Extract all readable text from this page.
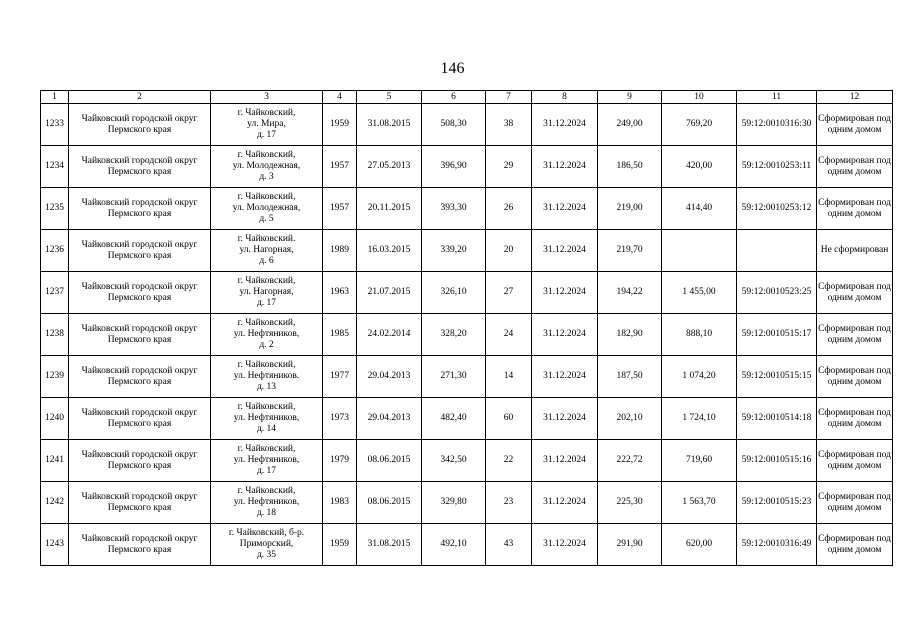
146
1	2	3	4	5	6	7	8	9	10	11	12
1233	Чайковский городской округ Пермского края	г. Чайковский,
ул. Мира,
д. 17	1959	31.08.2015	508,30	38	31.12.2024	249,00	769,20	59:12:0010316:30	Сформирован под одним домом
1234	Чайковский городской округ Пермского края	г. Чайковский,
ул. Молодежная,
д. 3	1957	27.05.2013	396,90	29	31.12.2024	186,50	420,00	59:12:0010253:11	Сформирован под одним домом
1235	Чайковский городской округ Пермского края	г. Чайковский,
ул. Молодежная,
д. 5	1957	20.11.2015	393,30	26	31.12.2024	219,00	414,40	59:12:0010253:12	Сформирован под одним домом
1236	Чайковский городской округ Пермского края	г. Чайковский.
ул. Нагорная,
д. 6	1989	16.03.2015	339,20	20	31.12.2024	219,70			Не сформирован
1237	Чайковский городской округ Пермского края	г. Чайковский,
ул. Нагорная,
д. 17	1963	21.07.2015	326,10	27	31.12.2024	194,22	1 455,00	59:12:0010523:25	Сформирован под одним домом
1238	Чайковский городской округ Пермского края	г. Чайковский,
ул. Нефтяников,
д. 2	1985	24.02.2014	328,20	24	31.12.2024	182,90	888,10	59:12:0010515:17	Сформирован под одним домом
1239	Чайковский городской округ Пермского края	г. Чайковский,
ул. Нефтяников.
д. 13	1977	29.04.2013	271,30	14	31.12.2024	187,50	1 074,20	59:12:0010515:15	Сформирован под одним домом
1240	Чайковский городской округ Пермского края	г. Чайковский,
ул. Нефтяников,
д. 14	1973	29.04.2013	482,40	60	31.12.2024	202,10	1 724,10	59:12:0010514:18	Сформирован под одним домом
1241	Чайковский городской округ Пермского края	г. Чайковский,
ул. Нефтяников,
д. 17	1979	08.06.2015	342,50	22	31.12.2024	222,72	719,60	59:12:0010515:16	Сформирован под одним домом
1242	Чайковский городской округ Пермского края	г. Чайковский,
ул. Нефтяников,
д. 18	1983	08.06.2015	329,80	23	31.12.2024	225,30	1 563,70	59:12:0010515:23	Сформирован под одним домом
1243	Чайковский городской округ Пермского края	г. Чайковский, б-р.
Приморский,
д. 35	1959	31.08.2015	492,10	43	31.12.2024	291,90	620,00	59:12:0010316:49	Сформирован под одним домом
